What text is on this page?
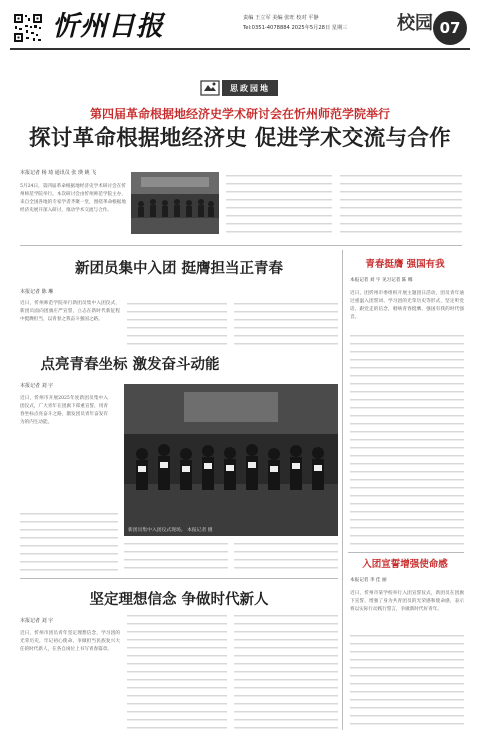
忻州日报	责编 王立军 美编 张旺 校对 平静
Tel:0351-4078884 2025年5月28日 星期三	校园 07
思政园地
第四届革命根据地经济史学术研讨会在忻州师范学院举行
探讨革命根据地经济史 促进学术交流与合作
本报记者 杨 琦 通讯员 张 瑛 姚 飞
5月24日，第四届革命根据地经济史学术研讨会在忻州师范学院举行。本次研讨会由忻州师范学院主办，来自全国各地的专家学者齐聚一堂，围绕革命根据地经济史展开深入研讨，推动学术交流与合作。
新团员集中入团 挺膺担当正青春
本报记者 陈 琳
近日，忻州师范学院举行新团员集中入团仪式，新团员面向团旗庄严宣誓，立志在新时代新征程中挺膺担当，以青春之我奋斗强国之路。
点亮青春坐标 激发奋斗动能
本报记者 刘 宇
近日，忻州市开展2025年度新团员集中入团仪式，广大青年在团旗下郑重宣誓，用青春坐标点亮奋斗之路，激发团员青年奋发有为的内生动能。
新团员集中入团仪式现场。 本报记者 摄
坚定理想信念 争做时代新人
本报记者 刘 宇
近日，忻州市团员青年坚定理想信念，学习团的光荣历史，牢记初心使命，争做担当民族复兴大任的时代新人，在各自岗位上书写青春篇章。
青春挺膺 强国有我
本报记者 刘 宇 见习记者 陈 娜
近日，团忻州市委组织开展主题团日活动，团员青年通过重温入团誓词、学习团的光荣历史等形式，坚定听党话、跟党走的信念，唱响青春挺膺、强国有我的时代强音。
入团宣誓增强使命感
本报记者 李 佳 丽
近日，忻州市某学校举行入团宣誓仪式，新团员在团旗下宣誓，增强了身为共青团员的光荣感和使命感，表示将以实际行动践行誓言，争做新时代好青年。
